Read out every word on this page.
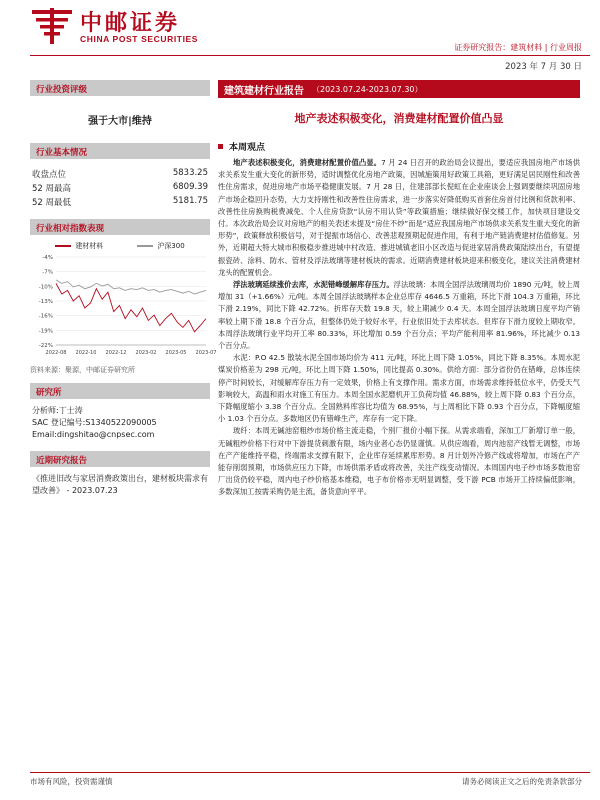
中邮证券
CHINA POST SECURITIES
证券研究报告：建筑材料 | 行业周报
2023 年 7 月 30 日
行业投资评级
强于大市|维持
行业基本情况
收盘点位	5833.25
52 周最高	6809.39
52 周最低	5181.75
行业相对指数表现
建材材料	沪深300
-4%
-7%
-10%
-13%
-16%
-19%
-22%
2022-08 2022-10 2022-12 2023-02 2023-05 2023-07
资料来源：聚源，中邮证券研究所
研究所
分析师:丁士涛
SAC 登记编号:S1340522090005
Email:dingshitao@cnpsec.com
近期研究报告
《推进旧改与家居消费政策出台，建材板块需求有望改善》 - 2023.07.23
建筑建材行业报告 （2023.07.24-2023.07.30）
地产表述积极变化，消费建材配置价值凸显
本周观点

地产表述积极变化，消费建材配置价值凸显。7 月 24 日召开的政治局会议提出，要适应我国房地产市场供求关系发生重大变化的新形势，适时调整优化房地产政策，因城施策用好政策工具箱，更好满足居民刚性和改善性住房需求，促进房地产市场平稳健康发展。7 月 28 日，住建部部长倪虹在企业座谈会上强调要继续巩固房地产市场企稳回升态势，大力支持刚性和改善性住房需求，进一步落实好降低购买首套住房首付比例和贷款利率、改善性住房换购税费减免、个人住房贷款“认房不用认贷”等政策措施；继续做好保交楼工作，加快项目建设交付。本次政治局会议对房地产的相关表述未提及“房住不炒”而是“适应我国房地产市场供求关系发生重大变化的新形势”，政策释放积极信号，对于提振市场信心、改善悲观预期起促进作用，有利于地产链消费建材估值修复。另外，近期超大特大城市积极稳步推进城中村改造、推进城镇老旧小区改造与促进家居消费政策陆续出台，有望提振瓷砖、涂料、防水、管材及浮法玻璃等建材板块的需求。近期消费建材板块迎来积极变化，建议关注消费建材龙头的配置机会。

浮法玻璃延续涨价去库，水泥错峰缓解库存压力。浮法玻璃：本周全国浮法玻璃周均价 1890 元/吨，较上周增加 31（+1.66%）元/吨。本周全国浮法玻璃样本企业总库存 4646.5 万重箱，环比下滑 104.3 万重箱，环比下滑 2.19%，同比下降 42.72%。折库存天数 19.8 天，较上期减少 0.4 天。本周全国浮法玻璃日度平均产销率较上期下滑 18.8 个百分点，但整体仍处于较好水平，行业依旧处于去库状态。但库存下滑力度较上期收窄。本周浮法玻璃行业平均开工率 80.33%，环比增加 0.59 个百分点；平均产能利用率 81.96%，环比减少 0.13 个百分点。

水泥：P.O 42.5 散装水泥全国市场均价为 411 元/吨，环比上周下降 1.05%，同比下降 8.35%。本周水泥煤炭价格差为 298 元/吨，环比上周下降 1.50%，同比提高 0.30%。供给方面：部分省份仍在错峰，总体连续停产时间较长，对缓解库存压力有一定效果，价格上有支撑作用。需求方面，市场需求维持低位水平，仍受天气影响较大，高温和雨水对施工有压力。本周全国水泥磨机开工负荷均值 46.88%，较上周下降 0.83 个百分点，下降幅度缩小 3.38 个百分点。全国熟料库容比均值为 68.95%，与上周相比下降 0.93 个百分点，下降幅度缩小 1.03 个百分点。多数地区仍有错峰生产，库存有一定下降。

玻纤：本周无碱池窑粗纱市场价格主流走稳，个别厂报价小幅下探。从需求端看，深加工厂新增订单一般，无碱粗纱价格下行对中下游提货刺激有限，场内业者心态仍显谨慎。从供应端看，周内池窑产线暂无调整，市场在产产能维持平稳，终端需求支撑有限下，企业库存延续累库形势。8 月计划外冷修产线或将增加，市场在产产能存削弱预期，市场供应压力下降，市场供需矛盾或将改善，关注产线变动情况。本周国内电子纱市场多数池窑厂出货仍较平稳，周内电子纱价格基本维稳，电子布价格亦无明显调整，受下游 PCB 市场开工持续偏低影响，多数深加工按需采购仍是主流，备货意向平平。

市场有风险，投资需谨慎	请务必阅读正文之后的免责条款部分
